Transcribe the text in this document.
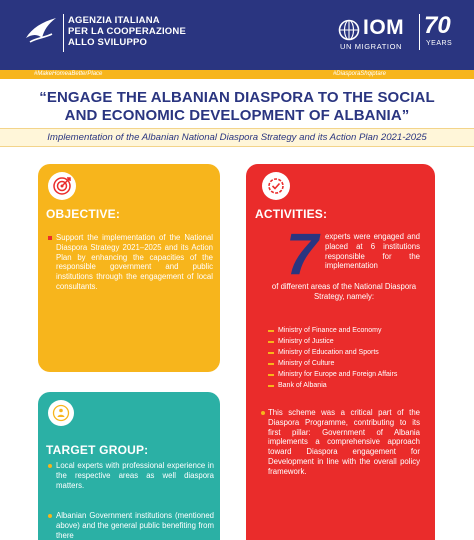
AGENZIA ITALIANA
PER LA COOPERAZIONE
ALLO SVILUPPO
IOM
UN MIGRATION
70
YEARS
#MakeHomeaBetterPlace	#DiasporaShqiptare
“ENGAGE THE ALBANIAN DIASPORA TO THE SOCIAL
AND ECONOMIC DEVELOPMENT OF ALBANIA”
Implementation of the Albanian National Diaspora Strategy and its Action Plan 2021-2025
OBJECTIVE:
Support the implementation of the National Diaspora Strategy 2021–2025 and its Action Plan by enhancing the capacities of the responsible government and public institutions through the engagement of local consultants.
TARGET GROUP:
Local experts with professional experience in the respective areas as well diaspora matters.
Albanian Government institutions (mentioned above) and the general public benefiting from there
ACTIVITIES:
7 experts were engaged and placed at 6 institutions responsible for the implementation
of different areas of the National Diaspora Strategy, namely:
Ministry of Finance and Economy
Ministry of Justice
Ministry of Education and Sports
Ministry of Culture
Ministry for Europe and Foreign Affairs
Bank of Albania
This scheme was a critical part of the Diaspora Programme, contributing to its first pillar: Government of Albania implements a comprehensive approach toward Diaspora engagement for Development in line with the overall policy framework.
